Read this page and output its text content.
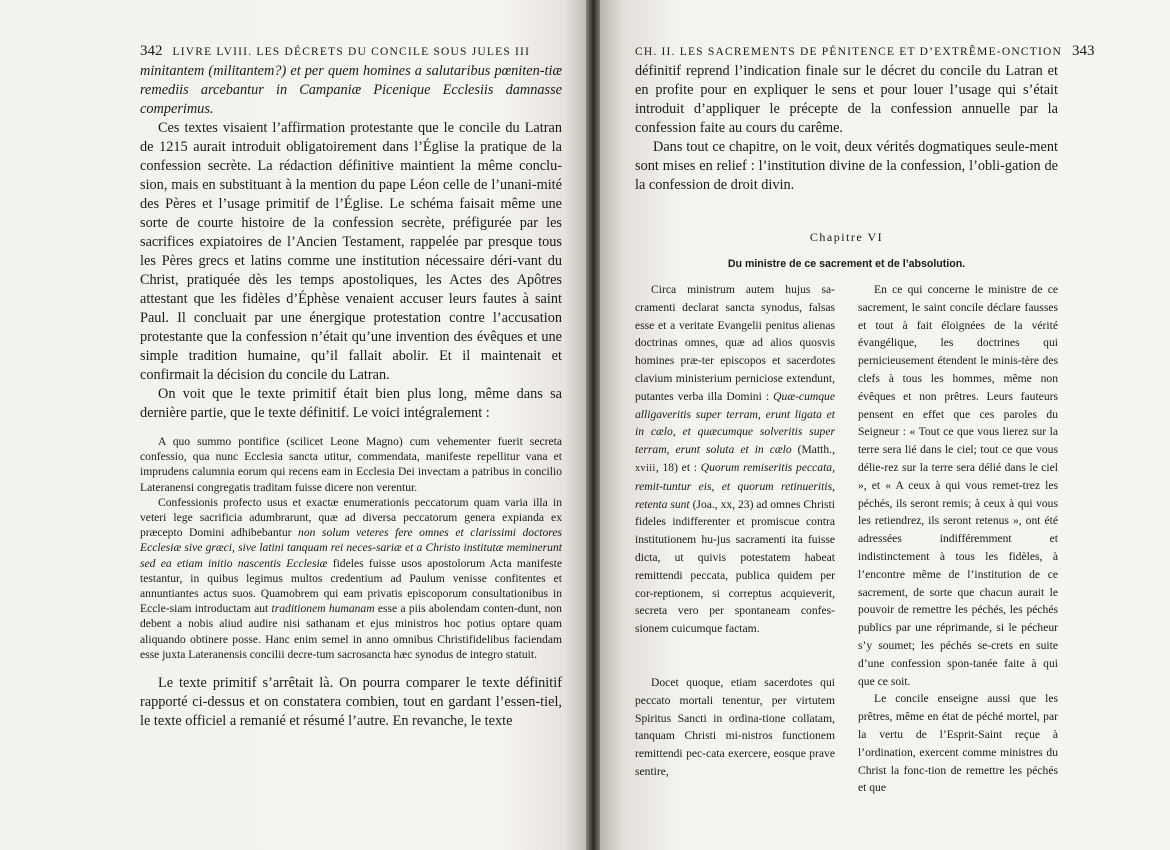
342 LIVRE LVIII. LES DÉCRETS DU CONCILE SOUS JULES III

minitantem (militantem?) et per quem homines a salutaribus pœniten-tiæ remediis arcebantur in Campaniæ Picenique Ecclesiis damnasse comperimus.

Ces textes visaient l’affirmation protestante que le concile du Latran de 1215 aurait introduit obligatoirement dans l’Église la pratique de la confession secrète. La rédaction définitive maintient la même conclu-sion, mais en substituant à la mention du pape Léon celle de l’unani-mité des Pères et l’usage primitif de l’Église. Le schéma faisait même une sorte de courte histoire de la confession secrète, préfigurée par les sacrifices expiatoires de l’Ancien Testament, rappelée par presque tous les Pères grecs et latins comme une institution nécessaire déri-vant du Christ, pratiquée dès les temps apostoliques, les Actes des Apôtres attestant que les fidèles d’Éphèse venaient accuser leurs fautes à saint Paul. Il concluait par une énergique protestation contre l’accusation protestante que la confession n’était qu’une invention des évêques et une simple tradition humaine, qu’il fallait abolir. Et il maintenait et confirmait la décision du concile du Latran.

On voit que le texte primitif était bien plus long, même dans sa dernière partie, que le texte définitif. Le voici intégralement :

A quo summo pontifice (scilicet Leone Magno) cum vehementer fuerit secreta confessio, qua nunc Ecclesia sancta utitur, commendata, manifeste repellitur vana et imprudens calumnia eorum qui recens eam in Ecclesia Dei invectam a patribus in concilio Lateranensi congregatis traditam fuisse dicere non verentur.

Confessionis profecto usus et exactæ enumerationis peccatorum quam varia illa in veteri lege sacrificia adumbrarunt, quæ ad diversa peccatorum genera expianda ex præcepto Domini adhibebantur non solum veteres fere omnes et clarissimi doctores Ecclesiæ sive græci, sive latini tanquam rei neces-sariæ et a Christo institutæ meminerunt sed ea etiam initio nascentis Ecclesiæ fideles fuisse usos apostolorum Acta manifeste testantur, in quibus legimus multos credentium ad Paulum venisse confitentes et annuntiantes actus suos. Quamobrem qui eam privatis episcoporum consultationibus in Eccle-siam introductam aut traditionem humanam esse a piis abolendam conten-dunt, non debent a nobis aliud audire nisi sathanam et ejus ministros hoc potius optare quam aliquando obtinere posse. Hanc enim semel in anno omnibus Christifidelibus faciendam esse juxta Lateranensis concilii decre-tum sacrosancta hæc synodus de integro statuit.

Le texte primitif s’arrêtait là. On pourra comparer le texte définitif rapporté ci-dessus et on constatera combien, tout en gardant l’essen-tiel, le texte officiel a remanié et résumé l’autre. En revanche, le texte

CH. II. LES SACREMENTS DE PÉNITENCE ET D’EXTRÊME-ONCTION 343

définitif reprend l’indication finale sur le décret du concile du Latran et en profite pour en expliquer le sens et pour louer l’usage qui s’était introduit d’appliquer le précepte de la confession annuelle par la confession faite au cours du carême.

Dans tout ce chapitre, on le voit, deux vérités dogmatiques seule-ment sont mises en relief : l’institution divine de la confession, l’obli-gation de la confession de droit divin.

Chapitre VI
Du ministre de ce sacrement et de l’absolution.

Circa ministrum autem hujus sa-cramenti declarat sancta synodus, falsas esse et a veritate Evangelii penitus alienas doctrinas omnes, quæ ad alios quosvis homines præ-ter episcopos et sacerdotes clavium ministerium perniciose extendunt, putantes verba illa Domini : Quæ-cumque alligaveritis super terram, erunt ligata et in cælo, et quæcumque solveritis super terram, erunt soluta et in cælo (Matth., xviii, 18) et : Quorum remiseritis peccata, remit-tuntur eis, et quorum retinueritis, retenta sunt (Joa., xx, 23) ad omnes Christi fideles indifferenter et promiscue contra institutionem hu-jus sacramenti ita fuisse dicta, ut quivis potestatem habeat remittendi peccata, publica quidem per cor-reptionem, si correptus acquieverit, secreta vero per spontaneam confes-sionem cuicumque factam.

Docet quoque, etiam sacerdotes qui peccato mortali tenentur, per virtutem Spiritus Sancti in ordina-tione collatam, tanquam Christi mi-nistros functionem remittendi pec-cata exercere, eosque prave sentire,

En ce qui concerne le ministre de ce sacrement, le saint concile déclare fausses et tout à fait éloignées de la vérité évangélique, les doctrines qui pernicieusement étendent le minis-tère des clefs à tous les hommes, même non évêques et non prêtres. Leurs fauteurs pensent en effet que ces paroles du Seigneur : « Tout ce que vous lierez sur la terre sera lié dans le ciel; tout ce que vous délie-rez sur la terre sera délié dans le ciel », et « A ceux à qui vous remet-trez les péchés, ils seront remis; à ceux à qui vous les retiendrez, ils seront retenus », ont été adressées indifféremment et indistinctement à tous les fidèles, à l’encontre même de l’institution de ce sacrement, de sorte que chacun aurait le pouvoir de remettre les péchés, les péchés publics par une réprimande, si le pécheur s’y soumet; les péchés se-crets en suite d’une confession spon-tanée faite à qui que ce soit.

Le concile enseigne aussi que les prêtres, même en état de péché mortel, par la vertu de l’Esprit-Saint reçue à l’ordination, exercent comme ministres du Christ la fonc-tion de remettre les péchés et que
